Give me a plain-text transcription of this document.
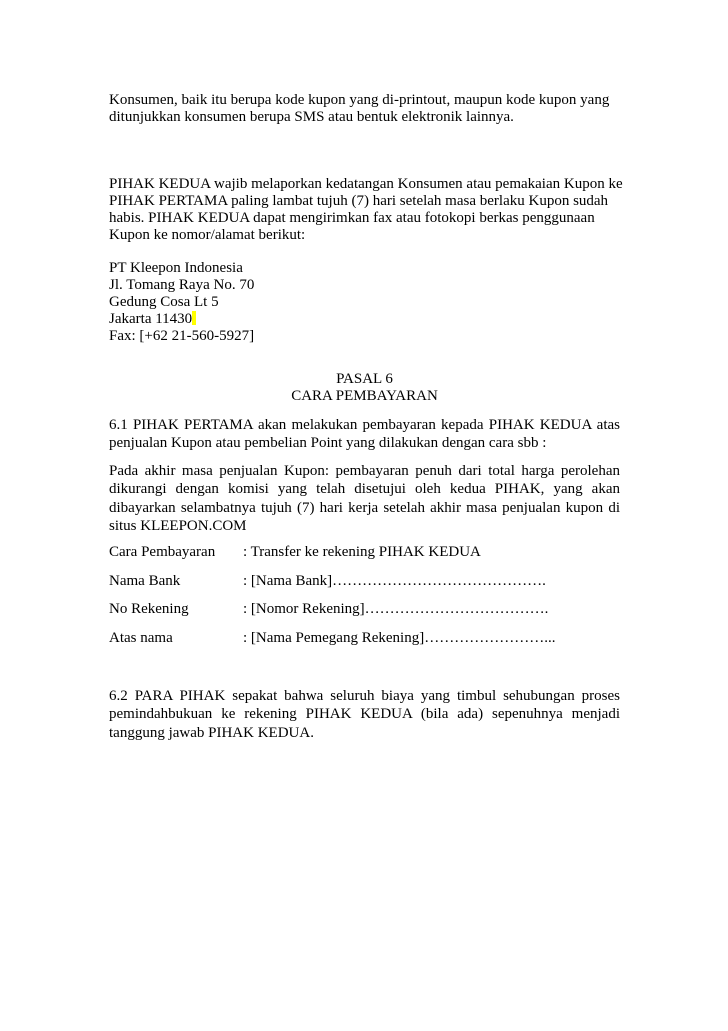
Konsumen, baik itu berupa kode kupon yang di-printout, maupun kode kupon yang
ditunjukkan konsumen berupa SMS atau bentuk elektronik lainnya.
PIHAK KEDUA wajib melaporkan kedatangan Konsumen atau pemakaian Kupon ke
PIHAK PERTAMA paling lambat tujuh (7) hari setelah masa berlaku Kupon sudah
habis. PIHAK KEDUA dapat mengirimkan fax atau fotokopi berkas penggunaan
Kupon ke nomor/alamat berikut:
PT Kleepon Indonesia
Jl. Tomang Raya No. 70
Gedung Cosa Lt 5
Jakarta 11430
Fax: [+62 21-560-5927]
PASAL 6
CARA PEMBAYARAN

6.1 PIHAK PERTAMA akan melakukan pembayaran kepada PIHAK KEDUA atas penjualan Kupon atau pembelian Point yang dilakukan dengan cara sbb :

Pada akhir masa penjualan Kupon: pembayaran penuh dari total harga perolehan dikurangi dengan komisi yang telah disetujui oleh kedua PIHAK, yang akan dibayarkan selambatnya tujuh (7) hari kerja setelah akhir masa penjualan kupon di situs KLEEPON.COM

Cara Pembayaran : Transfer ke rekening PIHAK KEDUA
Nama Bank	: [Nama Bank]…………………………………….
No Rekening	: [Nomor Rekening]……………………………….
Atas nama	: [Nama Pemegang Rekening]……………………...

6.2 PARA PIHAK sepakat bahwa seluruh biaya yang timbul sehubungan proses pemindahbukuan ke rekening PIHAK KEDUA (bila ada) sepenuhnya menjadi tanggung jawab PIHAK KEDUA.
